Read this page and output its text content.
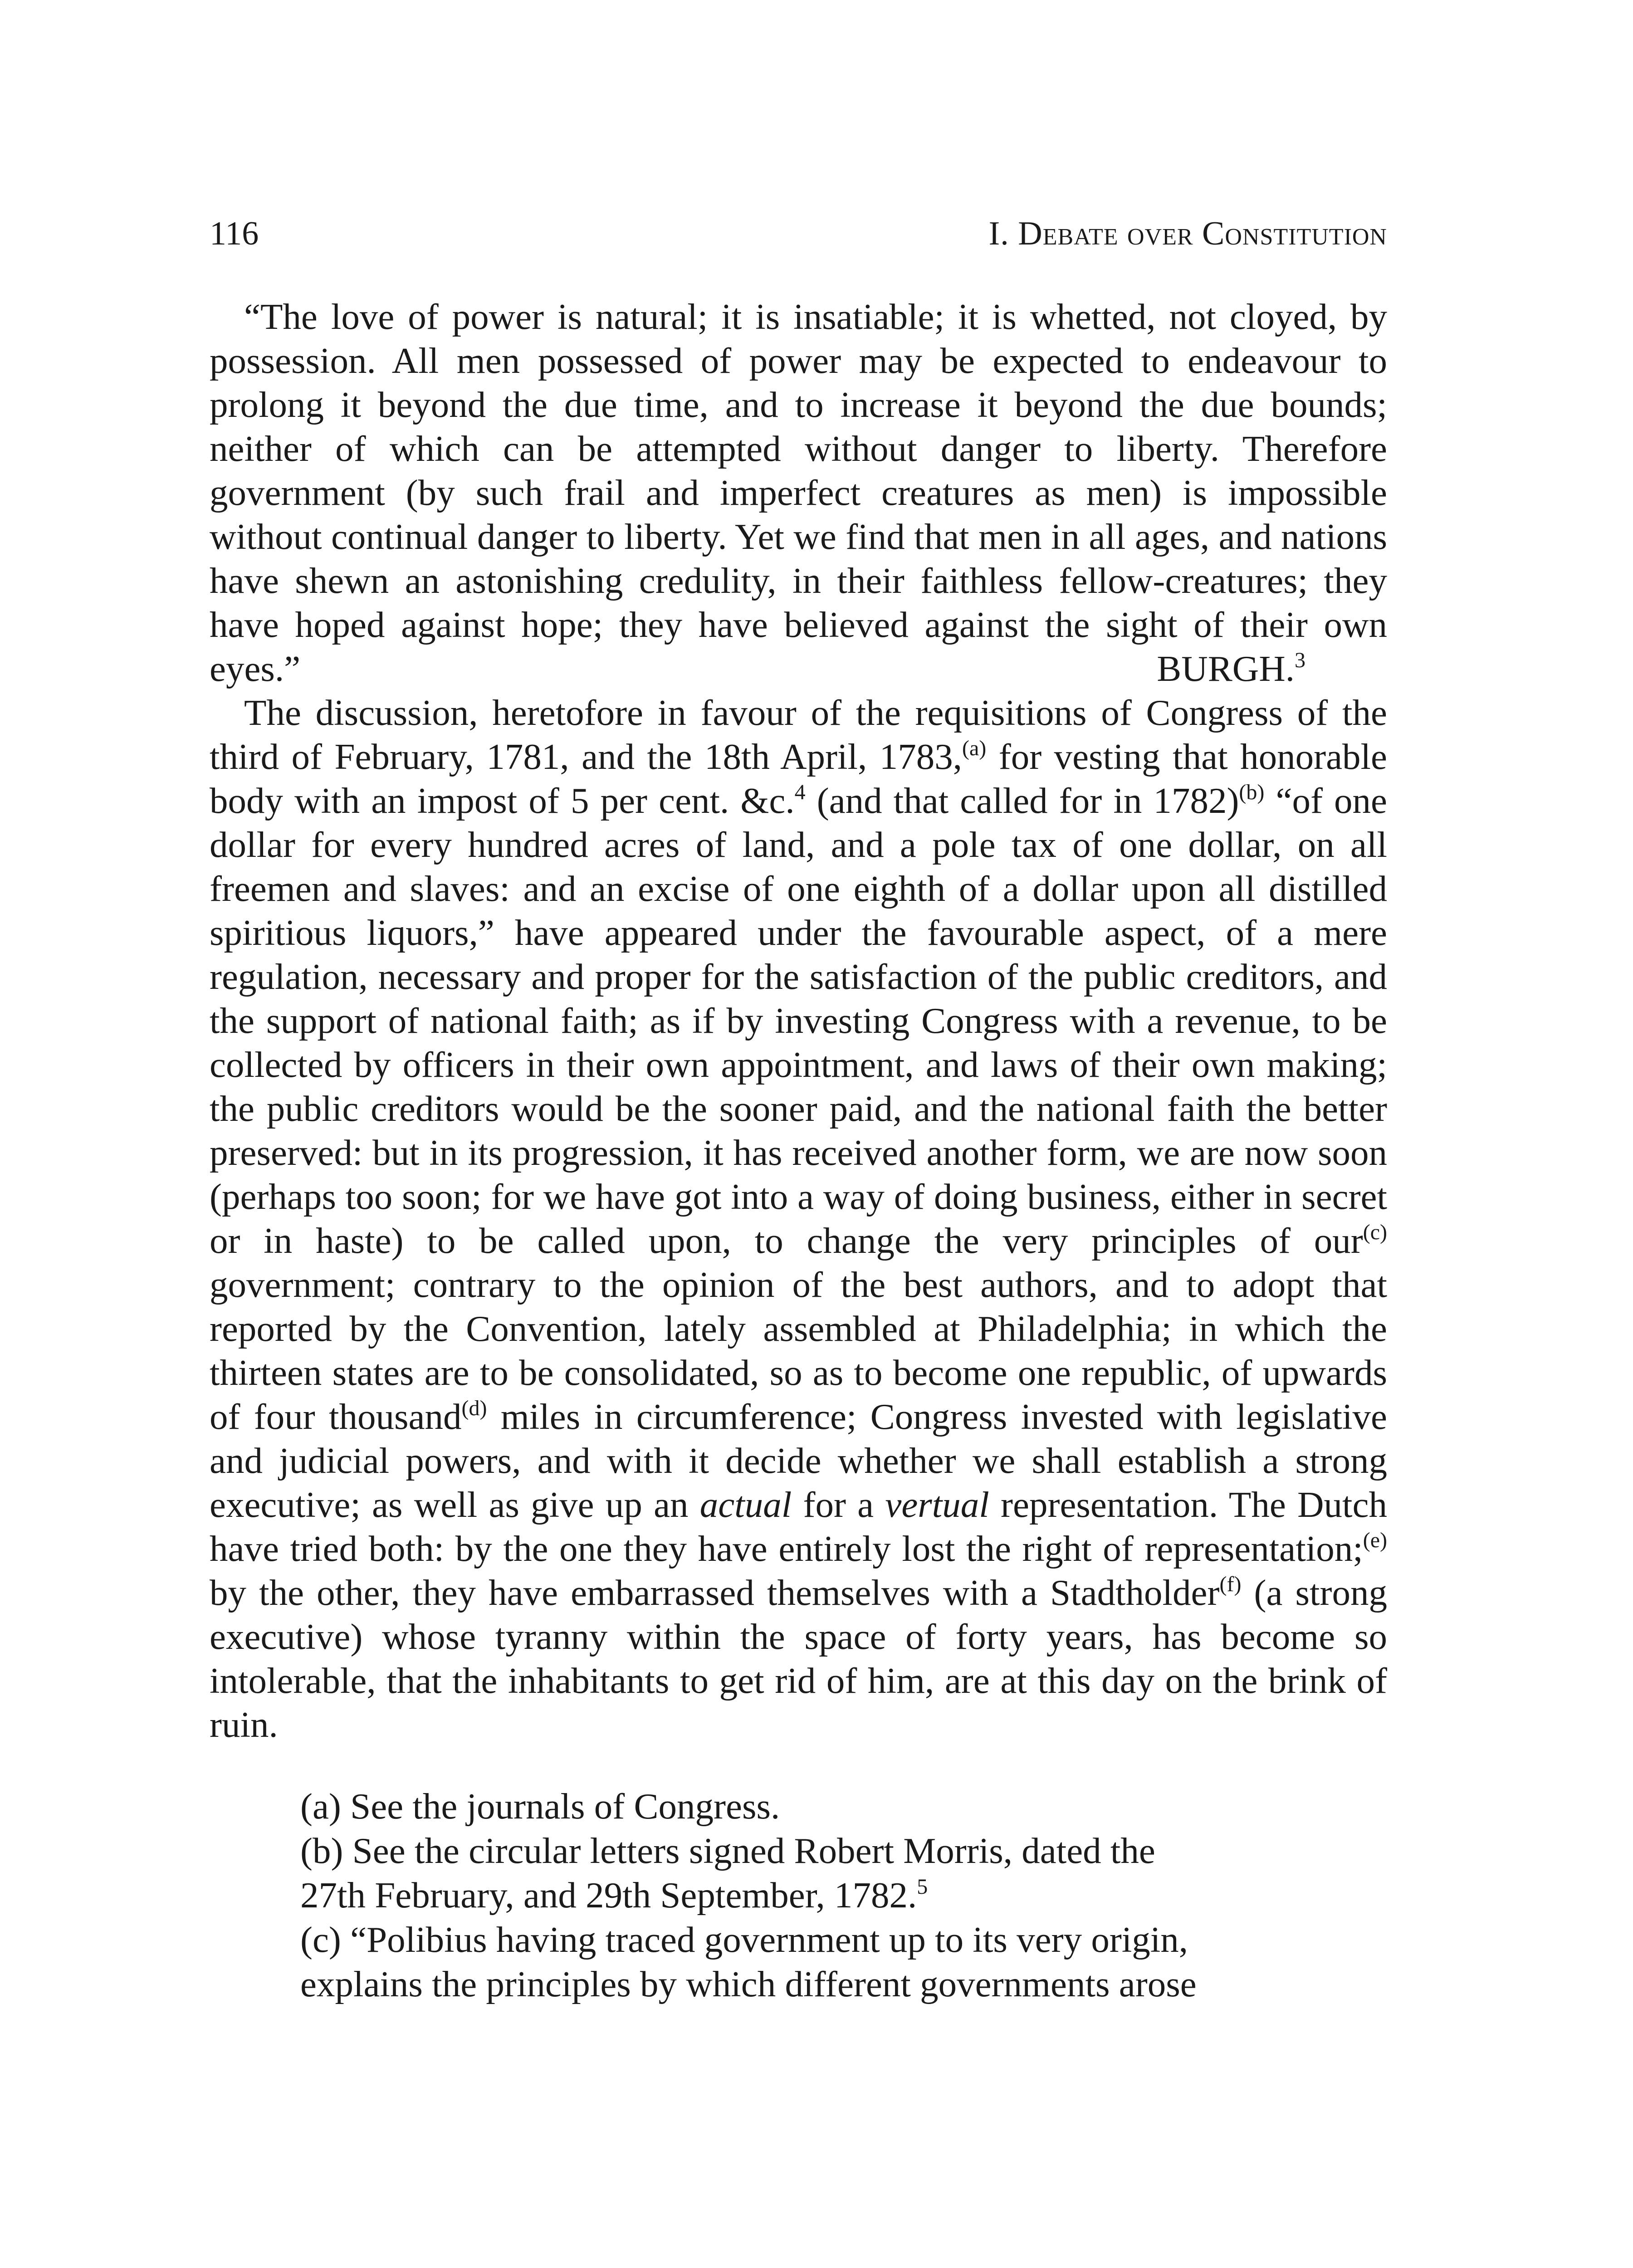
116	I. Debate over Constitution

“The love of power is natural; it is insatiable; it is whetted, not cloyed, by possession. All men possessed of power may be expected to endeavour to prolong it beyond the due time, and to increase it beyond the due bounds; neither of which can be attempted without danger to liberty. Therefore government (by such frail and imperfect creatures as men) is impossible without continual danger to liberty. Yet we find that men in all ages, and nations have shewn an astonishing credulity, in their faithless fellow-creatures; they have hoped against hope; they have believed against the sight of their own eyes.”	BURGH.$^3$

The discussion, heretofore in favour of the requisitions of Congress of the third of February, 1781, and the 18th April, 1783,$^{(a)}$ for vesting that honorable body with an impost of 5 per cent. &c.$^4$ (and that called for in 1782)$^{(b)}$ “of one dollar for every hundred acres of land, and a pole tax of one dollar, on all freemen and slaves: and an excise of one eighth of a dollar upon all distilled spiritious liquors,” have appeared under the favourable aspect, of a mere regulation, necessary and proper for the satisfaction of the public creditors, and the support of national faith; as if by investing Congress with a revenue, to be collected by officers in their own appointment, and laws of their own making; the public creditors would be the sooner paid, and the national faith the better preserved: but in its progression, it has received another form, we are now soon (perhaps too soon; for we have got into a way of doing business, either in secret or in haste) to be called upon, to change the very principles of our$^{(c)}$ government; contrary to the opinion of the best authors, and to adopt that reported by the Convention, lately assembled at Philadelphia; in which the thirteen states are to be consolidated, so as to become one republic, of upwards of four thousand$^{(d)}$ miles in circumference; Congress invested with legislative and judicial powers, and with it decide whether we shall establish a strong executive; as well as give up an actual for a vertual representation. The Dutch have tried both: by the one they have entirely lost the right of representation;$^{(e)}$ by the other, they have embarrassed themselves with a Stadtholder$^{(f)}$ (a strong executive) whose tyranny within the space of forty years, has become so intolerable, that the inhabitants to get rid of him, are at this day on the brink of ruin.

(a) See the journals of Congress.

(b) See the circular letters signed Robert Morris, dated the
27th February, and 29th September, 1782.$^5$

(c) “Polibius having traced government up to its very origin,
explains the principles by which different governments arose
